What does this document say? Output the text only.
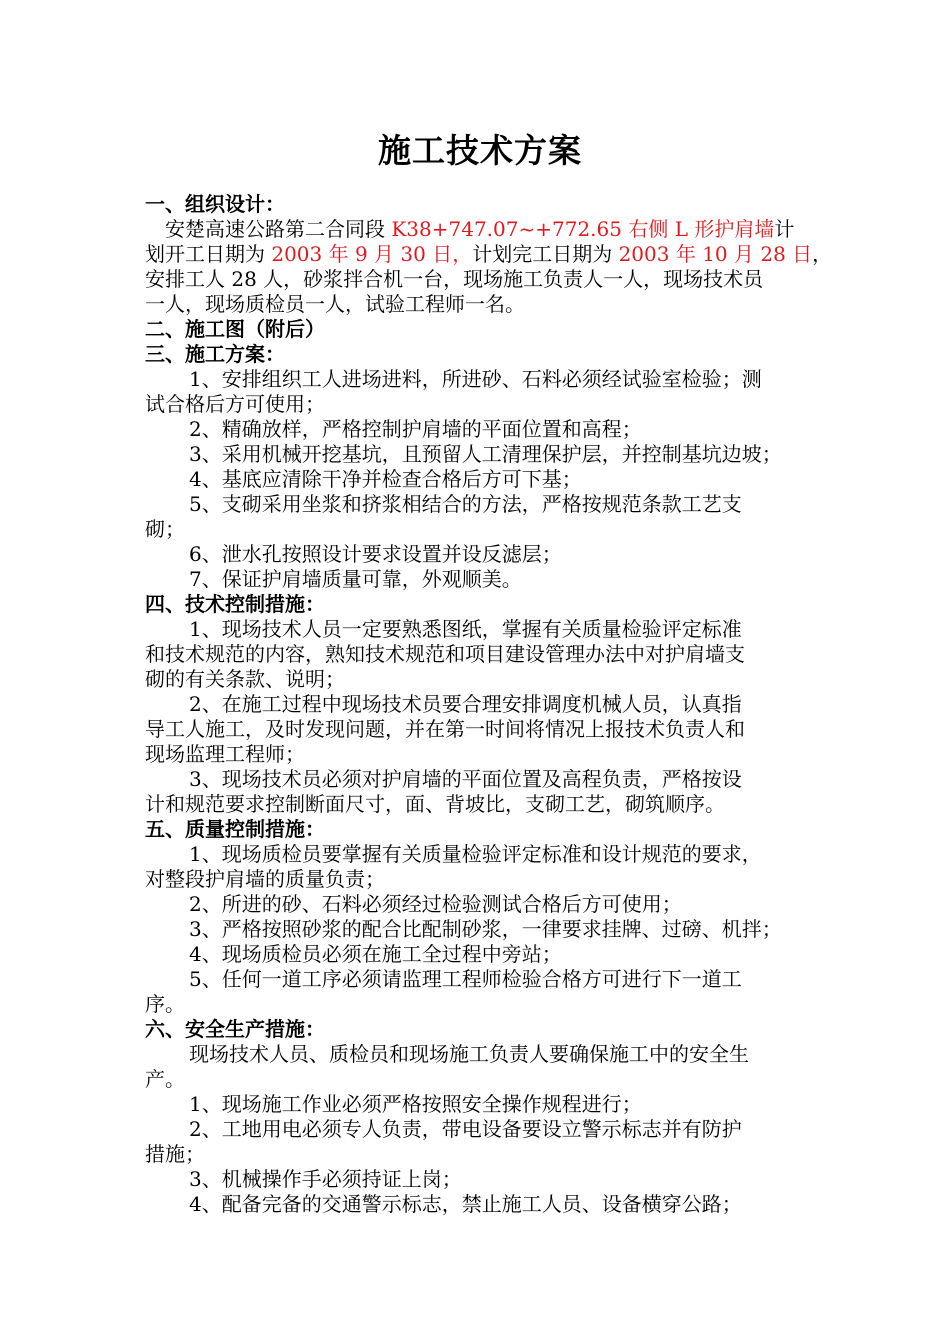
施工技术方案
一、组织设计：
安楚高速公路第二合同段 K38+747.07~+772.65 右侧 L 形护肩墙计
划开工日期为 2003 年 9 月 30 日，计划完工日期为 2003 年 10 月 28 日，
安排工人 28 人，砂浆拌合机一台，现场施工负责人一人，现场技术员
一人，现场质检员一人，试验工程师一名。
二、施工图（附后）
三、施工方案：
1、安排组织工人进场进料，所进砂、石料必须经试验室检验；测
试合格后方可使用；
2、精确放样，严格控制护肩墙的平面位置和高程；
3、采用机械开挖基坑，且预留人工清理保护层，并控制基坑边坡；
4、基底应清除干净并检查合格后方可下基；
5、支砌采用坐浆和挤浆相结合的方法，严格按规范条款工艺支
砌；
6、泄水孔按照设计要求设置并设反滤层；
7、保证护肩墙质量可靠，外观顺美。
四、技术控制措施：
1、现场技术人员一定要熟悉图纸，掌握有关质量检验评定标准
和技术规范的内容，熟知技术规范和项目建设管理办法中对护肩墙支
砌的有关条款、说明；
2、在施工过程中现场技术员要合理安排调度机械人员，认真指
导工人施工，及时发现问题，并在第一时间将情况上报技术负责人和
现场监理工程师；
3、现场技术员必须对护肩墙的平面位置及高程负责，严格按设
计和规范要求控制断面尺寸，面、背坡比，支砌工艺，砌筑顺序。
五、质量控制措施：
1、现场质检员要掌握有关质量检验评定标准和设计规范的要求，
对整段护肩墙的质量负责；
2、所进的砂、石料必须经过检验测试合格后方可使用；
3、严格按照砂浆的配合比配制砂浆，一律要求挂牌、过磅、机拌；
4、现场质检员必须在施工全过程中旁站；
5、任何一道工序必须请监理工程师检验合格方可进行下一道工
序。
六、安全生产措施：
现场技术人员、质检员和现场施工负责人要确保施工中的安全生
产。
1、现场施工作业必须严格按照安全操作规程进行；
2、工地用电必须专人负责，带电设备要设立警示标志并有防护
措施；
3、机械操作手必须持证上岗；
4、配备完备的交通警示标志，禁止施工人员、设备横穿公路；
